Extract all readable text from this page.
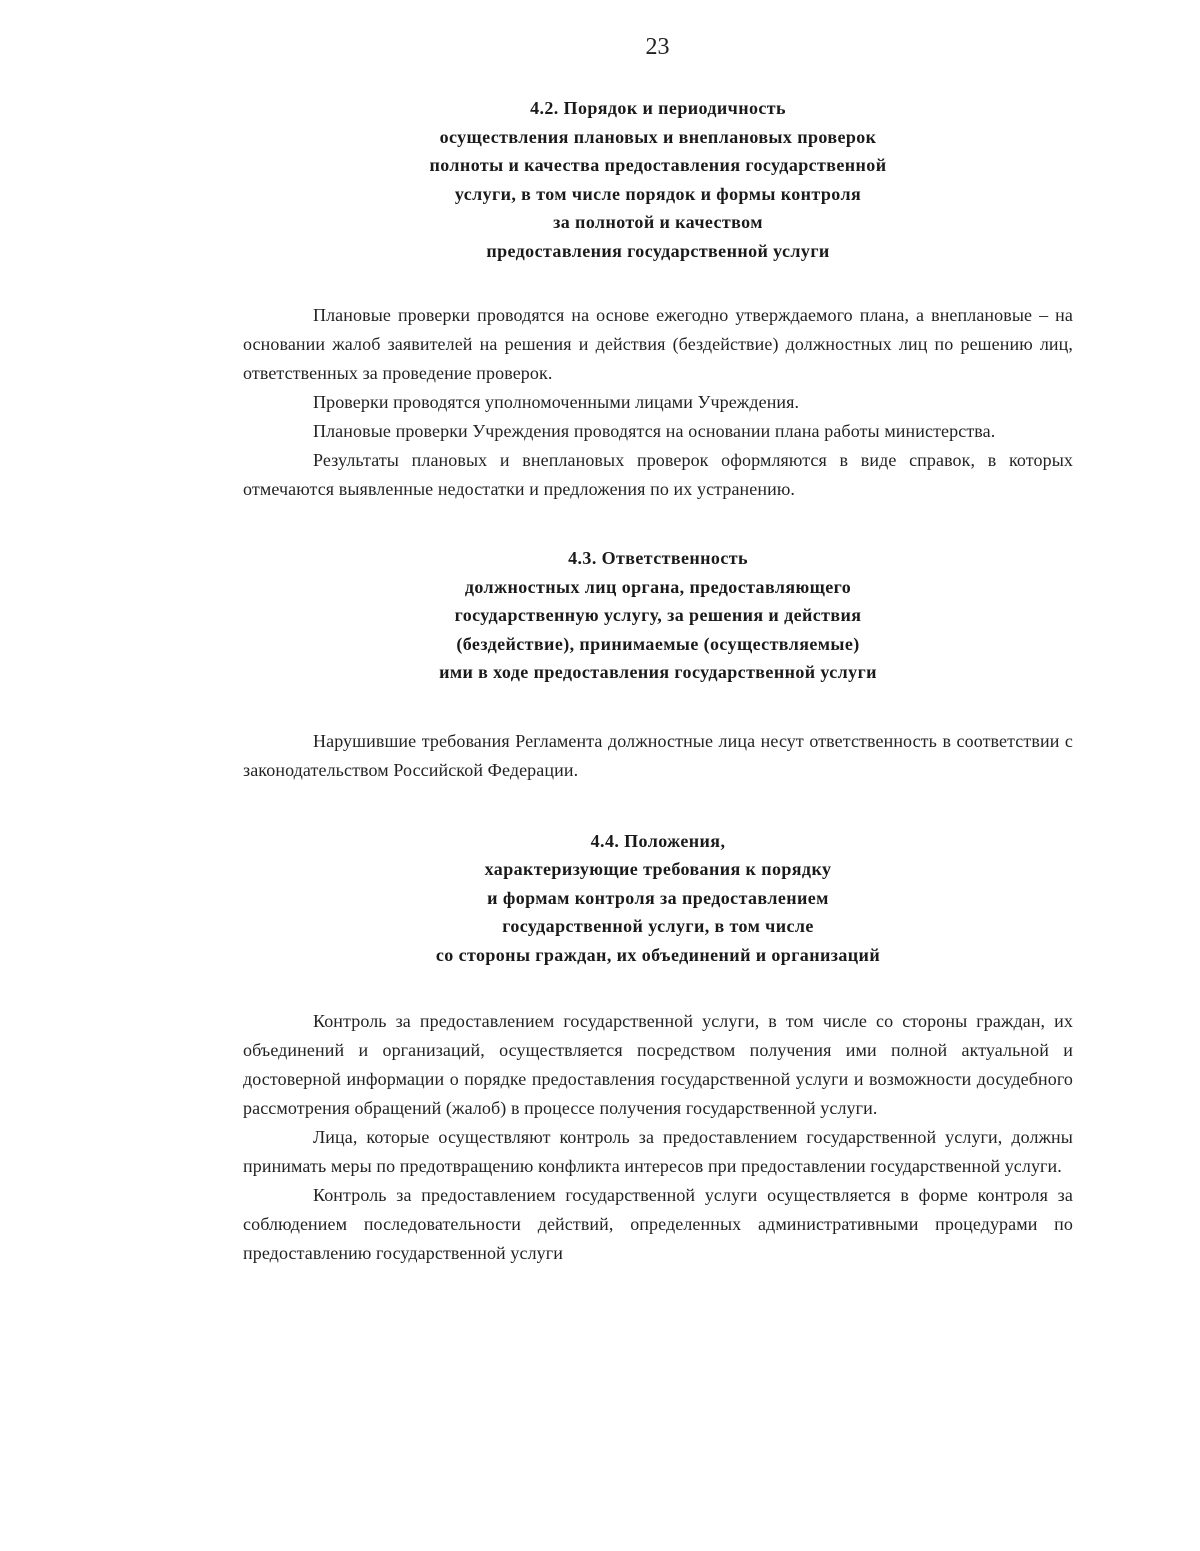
23
4.2. Порядок и периодичность
осуществления плановых и внеплановых проверок
полноты и качества предоставления государственной
услуги, в том числе порядок и формы контроля
за полнотой и качеством
предоставления государственной услуги

Плановые проверки проводятся на основе ежегодно утверждаемого плана, а внеплановые – на основании жалоб заявителей на решения и действия (бездействие) должностных лиц по решению лиц, ответственных за проведение проверок.

Проверки проводятся уполномоченными лицами Учреждения.

Плановые проверки Учреждения проводятся на основании плана работы министерства.

Результаты плановых и внеплановых проверок оформляются в виде справок, в которых отмечаются выявленные недостатки и предложения по их устранению.

4.3. Ответственность
должностных лиц органа, предоставляющего
государственную услугу, за решения и действия
(бездействие), принимаемые (осуществляемые)
ими в ходе предоставления государственной услуги

Нарушившие требования Регламента должностные лица несут ответственность в соответствии с законодательством Российской Федерации.

4.4. Положения,
характеризующие требования к порядку
и формам контроля за предоставлением
государственной услуги, в том числе
со стороны граждан, их объединений и организаций

Контроль за предоставлением государственной услуги, в том числе со стороны граждан, их объединений и организаций, осуществляется посредством получения ими полной актуальной и достоверной информации о порядке предоставления государственной услуги и возможности досудебного рассмотрения обращений (жалоб) в процессе получения государственной услуги.

Лица, которые осуществляют контроль за предоставлением государственной услуги, должны принимать меры по предотвращению конфликта интересов при предоставлении государственной услуги.

Контроль за предоставлением государственной услуги осуществляется в форме контроля за соблюдением последовательности действий, определенных административными процедурами по предоставлению государственной услуги
